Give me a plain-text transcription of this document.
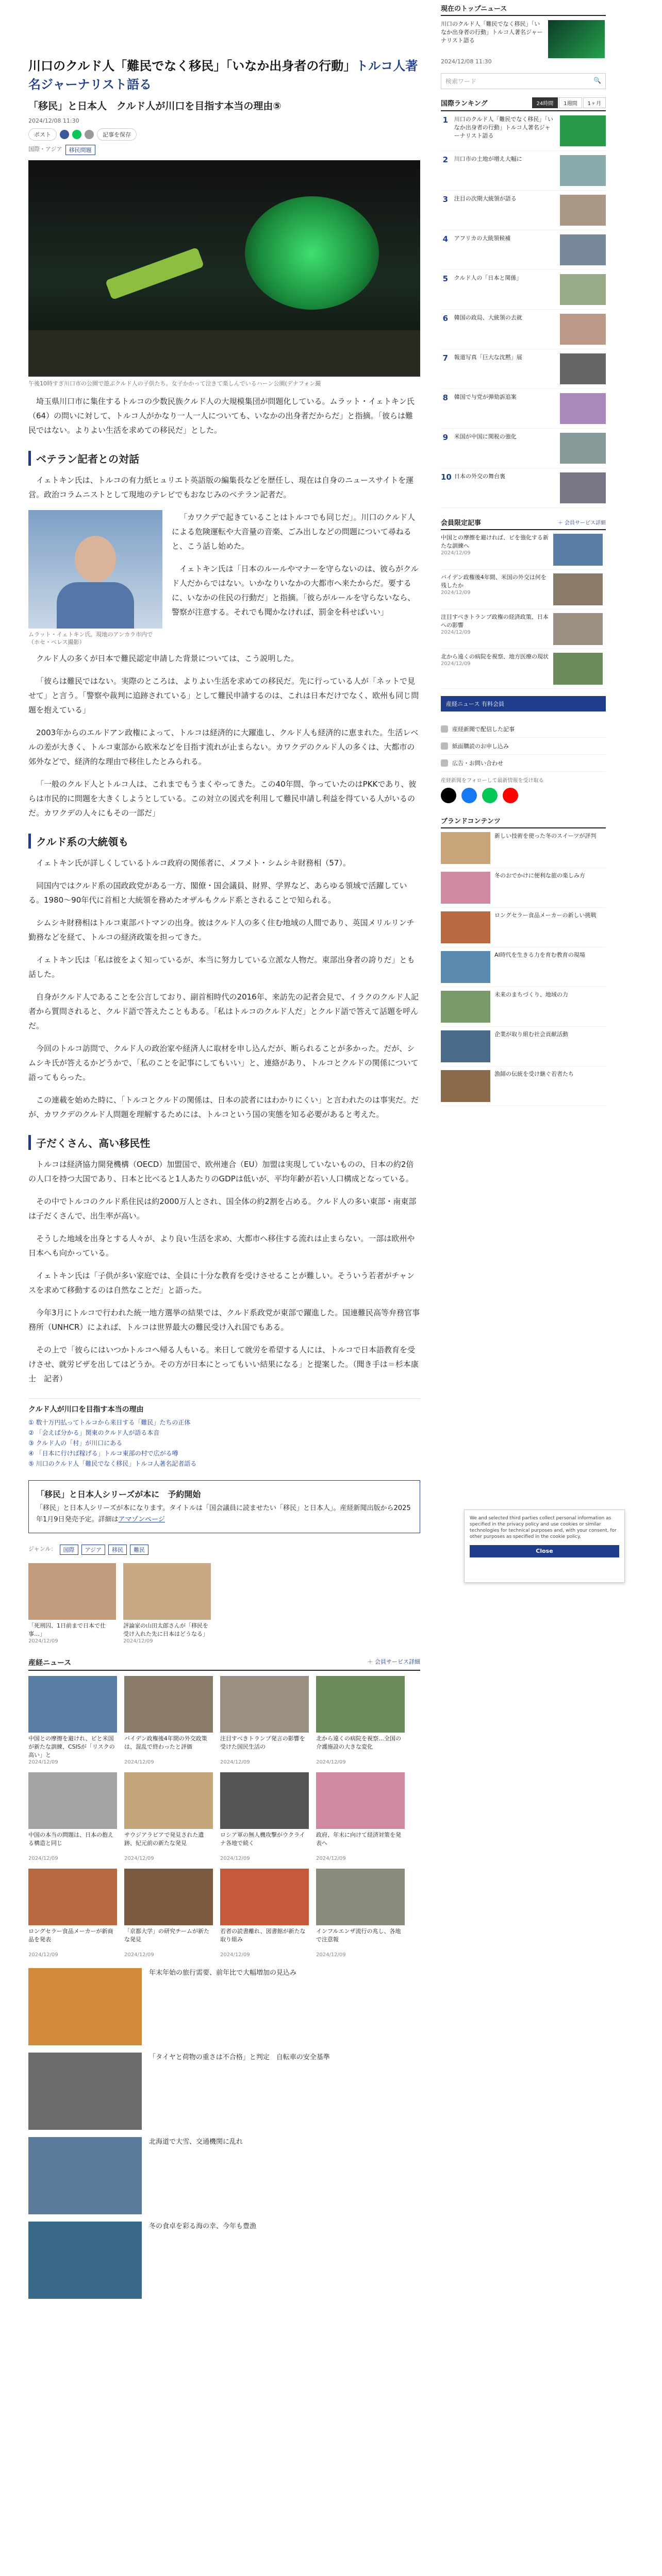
川口のクルド人「難民でなく移民」「いなか出身者の行動」トルコ人著名ジャーナリスト語る
「移民」と日本人　クルド人が川口を目指す本当の理由⑤
2024/12/08 11:30
ポスト	記事を保存
国際・アジア	移民問題
午後10時すぎ川口市の公園で遊ぶクルド人の子供たち。女子かかって泣きて楽しんでいるハーン公園(デナフォン撮

埼玉県川口市に集住するトルコの少数民族クルド人の大規模集団が問題化している。ムラット・イェトキン氏（64）の問いに対して、トルコ人がかなり一人一人についても、いなかの出身者だからだ」と指摘。「彼らは難民ではない。よりよい生活を求めての移民だ」とした。

ベテラン記者との対話

イェトキン氏は、トルコの有力紙ヒュリエト英語版の編集長などを歴任し、現在は自身のニュースサイトを運営。政治コラムニストとして現地のテレビでもおなじみのベテラン記者だ。

ムラット・イェトキン氏。現地のアンカラ市内で（ホセ・ペレス撮影）

「カワクデで起きていることはトルコでも同じだ」。川口のクルド人による危険運転や大音量の音楽、ごみ出しなどの問題について尋ねると、こう話し始めた。

イェトキン氏は「日本のルールやマナーを守らないのは、彼らがクルド人だからではない。いかなりいなかの大都市へ来たからだ。要するに、いなかの住民の行動だ」と指摘。「彼らがルールを守らないなら、警察が注意する。それでも聞かなければ、罰金を科せばいい」

クルド人の多くが日本で難民認定申請した背景については、こう説明した。

「彼らは難民ではない。実際のところは、よりよい生活を求めての移民だ。先に行っている人が「ネットで見せて」と言う。「警察や裁判に追跡されている」として難民申請するのは、これは日本だけでなく、欧州も同じ問題を抱えている」

2003年からのエルドアン政権によって、トルコは経済的に大躍進し、クルド人も経済的に恵まれた。生活レベルの差が大きく、トルコ東部から欧米などを目指す流れが止まらない。カワクデのクルド人の多くは、大都市の郊外などで、経済的な理由で移住したとみられる。

「一般のクルド人とトルコ人は、これまでもうまくやってきた。この40年間、争っていたのはPKKであり、彼らは市民的に問題を大きくしようとしている。この対立の図式を利用して難民申請し利益を得ている人がいるのだ。カワクデの人々にもその一部だ」

クルド系の大統領も

イェトキン氏が詳しくしているトルコ政府の関係者に、メフメト・シムシキ財務相（57）。

同国内ではクルド系の国政政党がある一方、閣僚・国会議員、財界、学界など、あらゆる領域で活躍している。1980〜90年代に首相と大統領を務めたオザルもクルド系とされることで知られる。

シムシキ財務相はトルコ東部バトマンの出身。彼はクルド人の多く住む地域の人間であり、英国メリルリンチ勤務などを経て、トルコの経済政策を担ってきた。

イェトキン氏は「私は彼をよく知っているが、本当に努力している立派な人物だ。東部出身者の誇りだ」とも話した。

自身がクルド人であることを公言しており、副首相時代の2016年、来訪先の記者会見で、イラクのクルド人記者から質問されると、クルド語で答えたこともある。「私はトルコのクルド人だ」とクルド語で答えて話題を呼んだ。

今回のトルコ訪問で、クルド人の政治家や経済人に取材を申し込んだが、断られることが多かった。だが、シムシキ氏が答えるかどうかで、「私のことを記事にしてもいい」と、連絡があり、トルコとクルドの関係について語ってもらった。

この連載を始めた時に、「トルコとクルドの関係は、日本の読者にはわかりにくい」と言われたのは事実だ。だが、カワクデのクルド人問題を理解するためには、トルコという国の実態を知る必要があると考えた。

子だくさん、高い移民性

トルコは経済協力開発機構（OECD）加盟国で、欧州連合（EU）加盟は実現していないものの、日本の約2倍の人口を持つ大国であり、日本と比べると1人あたりのGDPは低いが、平均年齢が若い人口構成となっている。

その中でトルコのクルド系住民は約2000万人とされ、国全体の約2割を占める。クルド人の多い東部・南東部は子だくさんで、出生率が高い。

そうした地域を出身とする人々が、より良い生活を求め、大都市へ移住する流れは止まらない。一部は欧州や日本へも向かっている。

イェトキン氏は「子供が多い家庭では、全員に十分な教育を受けさせることが難しい。そういう若者がチャンスを求めて移動するのは自然なことだ」と語った。

今年3月にトルコで行われた統一地方選挙の結果では、クルド系政党が東部で躍進した。国連難民高等弁務官事務所（UNHCR）によれば、トルコは世界最大の難民受け入れ国でもある。

その上で「彼らにはいつかトルコへ帰る人もいる。来日して就労を希望する人には、トルコで日本語教育を受けさせ、就労ビザを出してはどうか。その方が日本にとってもいい結果になる」と提案した。（聞き手は＝杉本康士　記者）

クルド人が川口を目指す本当の理由
① 数十万円払ってトルコから来日する「難民」たちの正体
② 「会えば分かる」関東のクルド人が語る本音
③ クルド人の「村」が川口にある
④ 「日本に行けば稼げる」トルコ東部の村で広がる噂
⑤ 川口のクルド人「難民でなく移民」トルコ人著名記者語る
「移民」と日本人シリーズが本に　予約開始
「移民」と日本人シリーズが本になります。タイトルは「国会議員に読ませたい「移民」と日本人」。産経新聞出版から2025年1月9日発売予定。詳細はアマゾンページ
ジャンル：	国際	アジア	移民	難民
「死刑囚、1日前まで日本で仕事…」
2024/12/09
評論家の山田太郎さんが「移民を受け入れた先に日本はどうなる」
2024/12/09
産経ニュース	＋ 会員サービス詳細
中国との摩擦を避けれ、ピと米国が新たな訓練、CSISが「リスクの高い」と
2024/12/09
バイデン政権後4年間の外交政策は、混乱で終わったと評価
2024/12/09
注目すべきトランプ発言の影響を受けた国民生活の
2024/12/09
北から遠くの病院を視察…全国の介護施設の大きな変化
2024/12/09
中国の本当の問題は、日本の抱える構造と同じ
2024/12/09
サウジアラビアで発見された遺跡、紀元前の新たな発見
2024/12/09
ロシア軍の無人機攻撃がウクライナ各地で続く
2024/12/09
政府、年末に向けて経済対策を発表へ
2024/12/09
ロングセラー食品メーカーが新商品を発表
2024/12/09
「京都大学」の研究チームが新たな発見
2024/12/09
若者の読書離れ、図書館が新たな取り組み
2024/12/09
インフルエンザ流行の兆し、各地で注意報
2024/12/09
年末年始の旅行需要、前年比で大幅増加の見込み
「タイヤと荷物の重さは不合格」と判定　自転車の安全基準
北海道で大雪、交通機関に乱れ
冬の食卓を彩る海の幸、今年も豊漁
現在のトップニュース
川口のクルド人「難民でなく移民」「いなか出身者の行動」トルコ人著名ジャーナリスト語る
2024/12/08 11:30
検索ワード	🔍
国際ランキング	24時間	1週間	1ヶ月
1	川口のクルド人「難民でなく移民」「いなか出身者の行動」トルコ人著名ジャーナリスト語る
2	川口市の土地が増え大幅に
3	注目の次期大統領が語る
4	アフリカの大統領候補
5	クルド人の「日本と関係」
6	韓国の政局、大統領の去就
7	報道写真「巨大な沈黙」展
8	韓国で与党が弾劾訴追案
9	米国が中国に関税の強化
10 日本の外交の舞台裏
会員限定記事	＋ 会員サービス詳細
中国との摩擦を避ければ、ピを強化する新たな訓練へ
2024/12/09
バイデン政権後4年間、米国の外交は何を残したか
2024/12/09
注目すべきトランプ政権の経済政策、日本への影響
2024/12/09
北から遠くの病院を視察、地方医療の現状
2024/12/09
産経ニュース 有料会員
産経新聞で配信した記事
紙面購読のお申し込み
広告・お問い合わせ
産経新聞をフォローして最新情報を受け取る
ブランドコンテンツ
新しい技術を使った冬のスイーツが評判
冬のおでかけに便利な旅の楽しみ方
ロングセラー食品メーカーの新しい挑戦
AI時代を生きる力を育む教育の現場
未来のまちづくり、地域の力
企業が取り組む社会貢献活動
漁師の伝統を受け継ぐ若者たち
We and selected third parties collect personal information as specified in the privacy policy and use cookies or similar technologies for technical purposes and, with your consent, for other purposes as specified in the cookie policy.
Close
